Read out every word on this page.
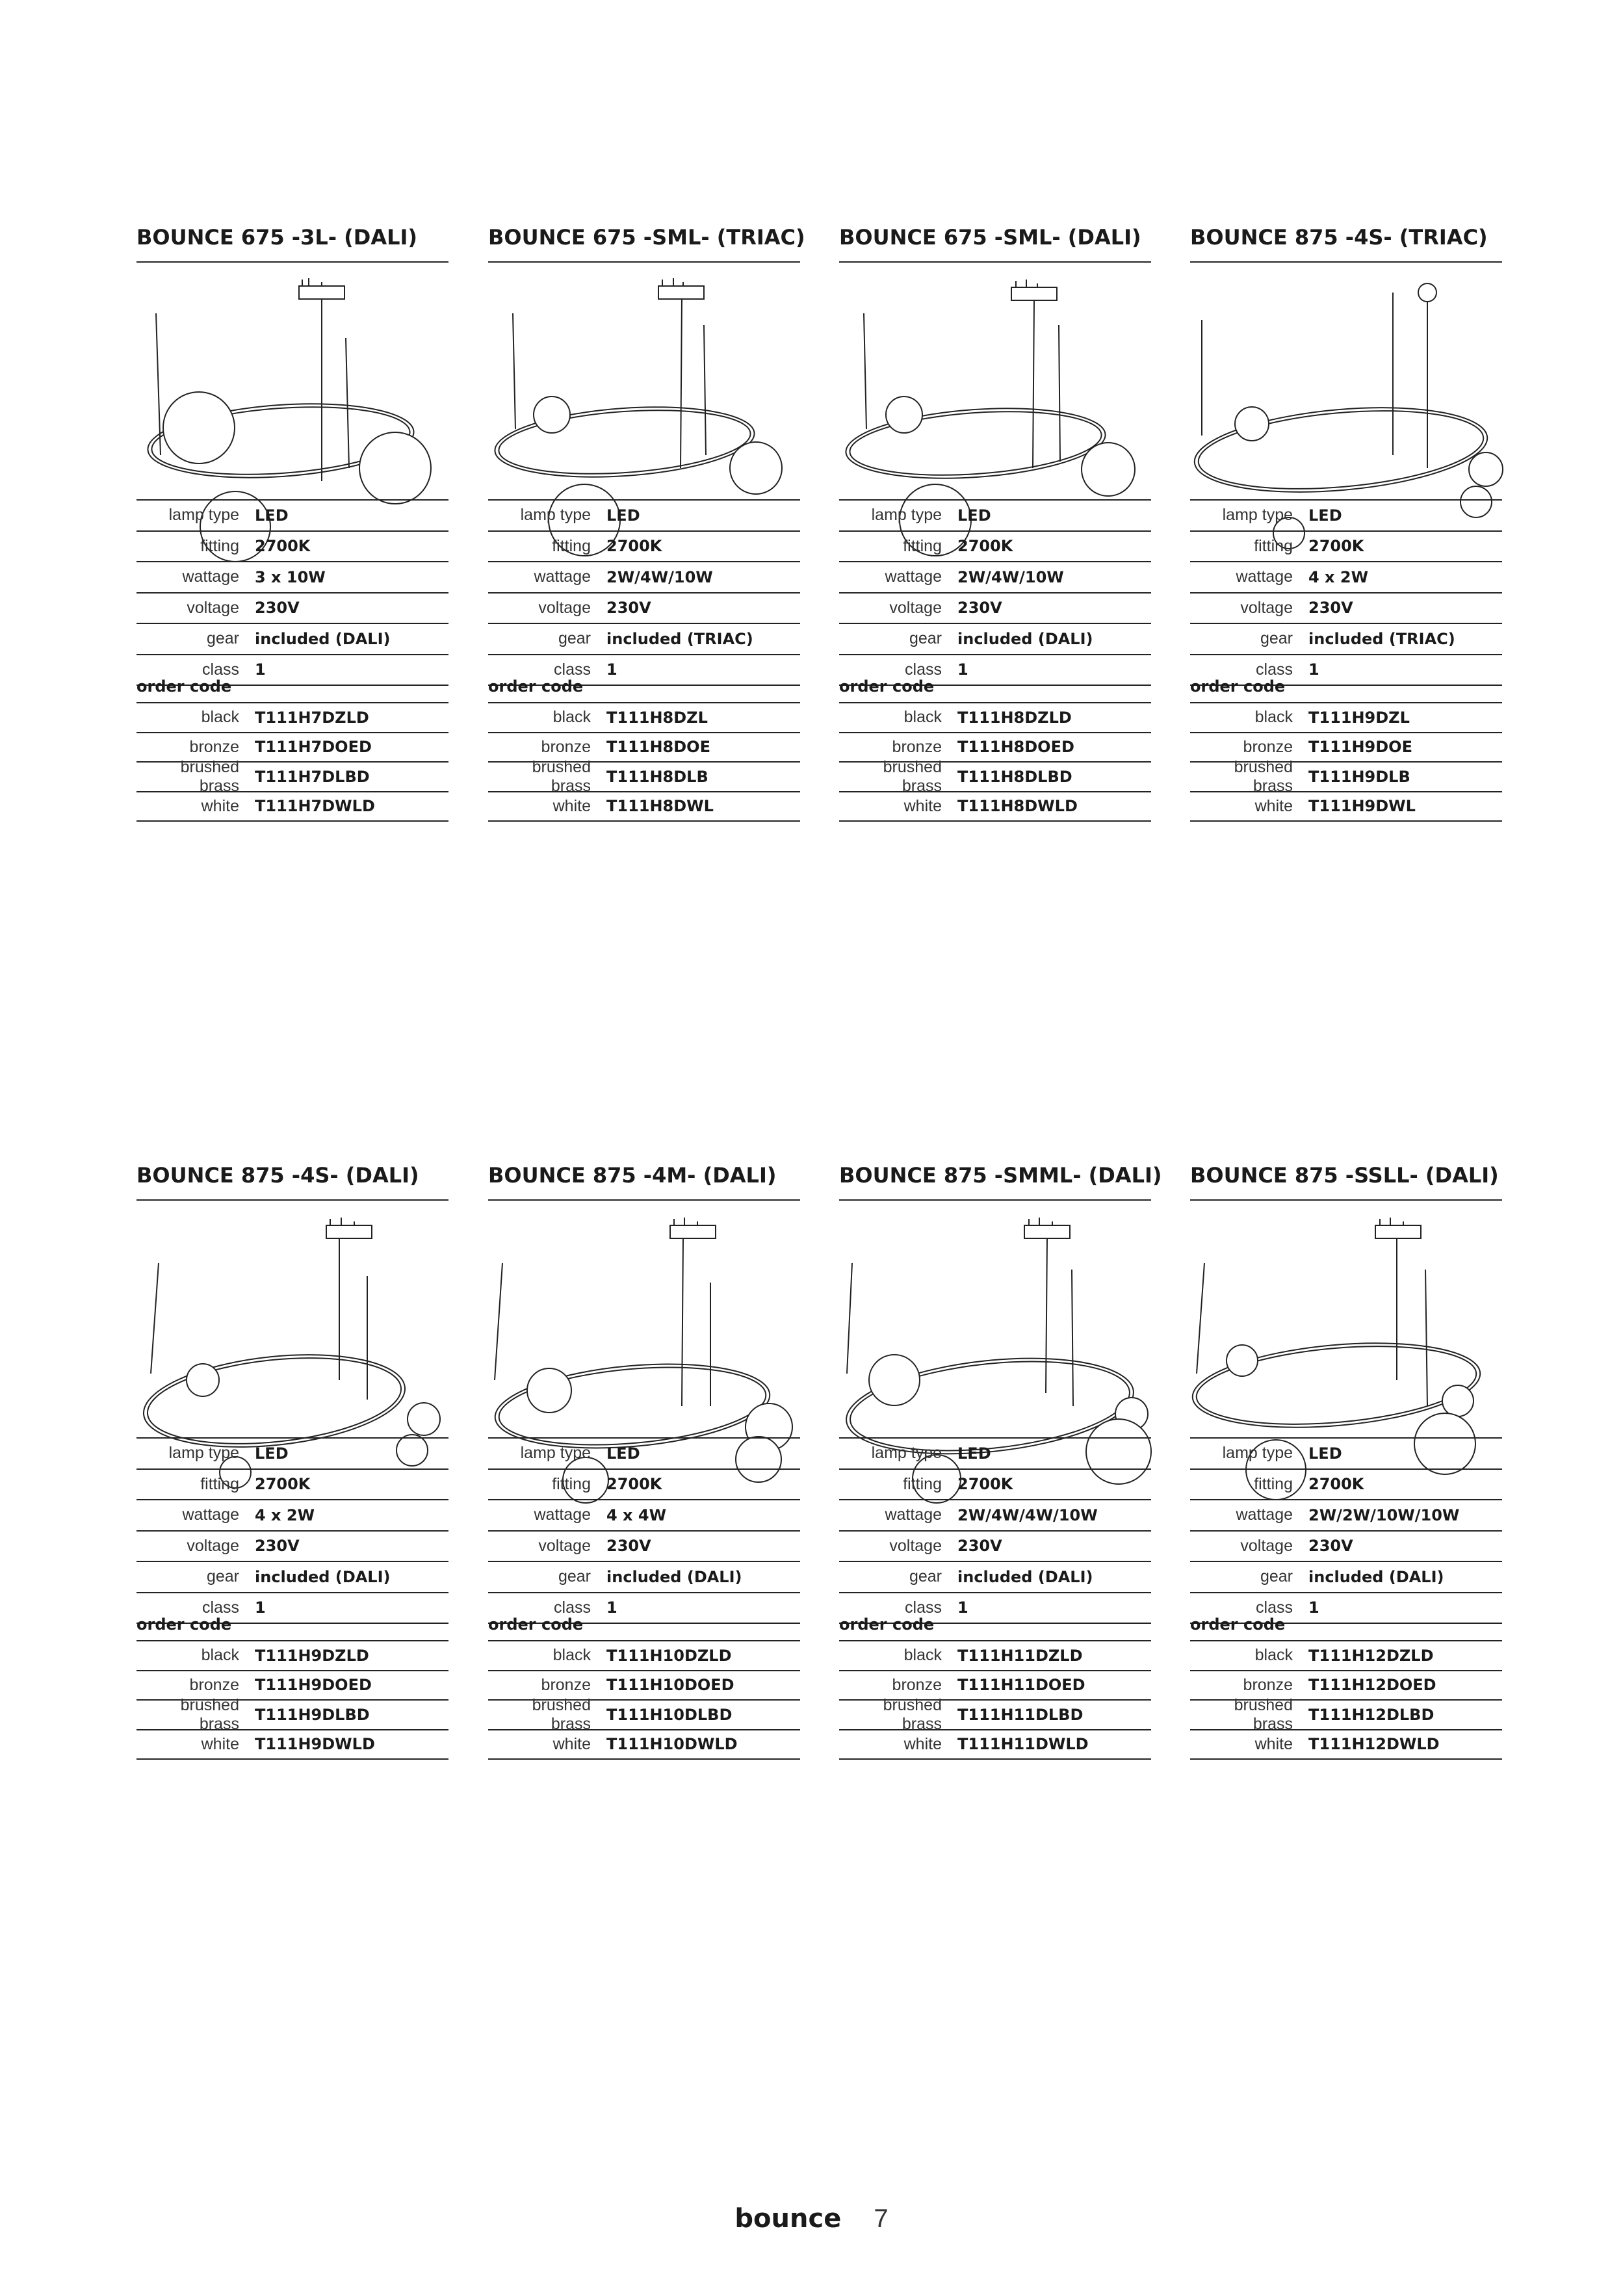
BOUNCE 675 -3L- (DALI)
lamp type	LED
fitting	2700K
wattage	3 x 10W
voltage	230V
gear	included (DALI)
class	1
order code
black	T111H7DZLD
bronze	T111H7DOED
brushed brass	T111H7DLBD
white	T111H7DWLD
BOUNCE 675 -SML- (TRIAC)
lamp type	LED
fitting	2700K
wattage	2W/4W/10W
voltage	230V
gear	included (TRIAC)
class	1
order code
black	T111H8DZL
bronze	T111H8DOE
brushed brass	T111H8DLB
white	T111H8DWL
BOUNCE 675 -SML- (DALI)
lamp type	LED
fitting	2700K
wattage	2W/4W/10W
voltage	230V
gear	included (DALI)
class	1
order code
black	T111H8DZLD
bronze	T111H8DOED
brushed brass	T111H8DLBD
white	T111H8DWLD
BOUNCE 875 -4S- (TRIAC)
lamp type	LED
fitting	2700K
wattage	4 x 2W
voltage	230V
gear	included (TRIAC)
class	1
order code
black	T111H9DZL
bronze	T111H9DOE
brushed brass	T111H9DLB
white	T111H9DWL
BOUNCE 875 -4S- (DALI)
lamp type	LED
fitting	2700K
wattage	4 x 2W
voltage	230V
gear	included (DALI)
class	1
order code
black	T111H9DZLD
bronze	T111H9DOED
brushed brass	T111H9DLBD
white	T111H9DWLD
BOUNCE 875 -4M- (DALI)
lamp type	LED
fitting	2700K
wattage	4 x 4W
voltage	230V
gear	included (DALI)
class	1
order code
black	T111H10DZLD
bronze	T111H10DOED
brushed brass	T111H10DLBD
white	T111H10DWLD
BOUNCE 875 -SMML- (DALI)
lamp type	LED
fitting	2700K
wattage	2W/4W/4W/10W
voltage	230V
gear	included (DALI)
class	1
order code
black	T111H11DZLD
bronze	T111H11DOED
brushed brass	T111H11DLBD
white	T111H11DWLD
BOUNCE 875 -SSLL- (DALI)
lamp type	LED
fitting	2700K
wattage	2W/2W/10W/10W
voltage	230V
gear	included (DALI)
class	1
order code
black	T111H12DZLD
bronze	T111H12DOED
brushed brass	T111H12DLBD
white	T111H12DWLD
bounce 7
